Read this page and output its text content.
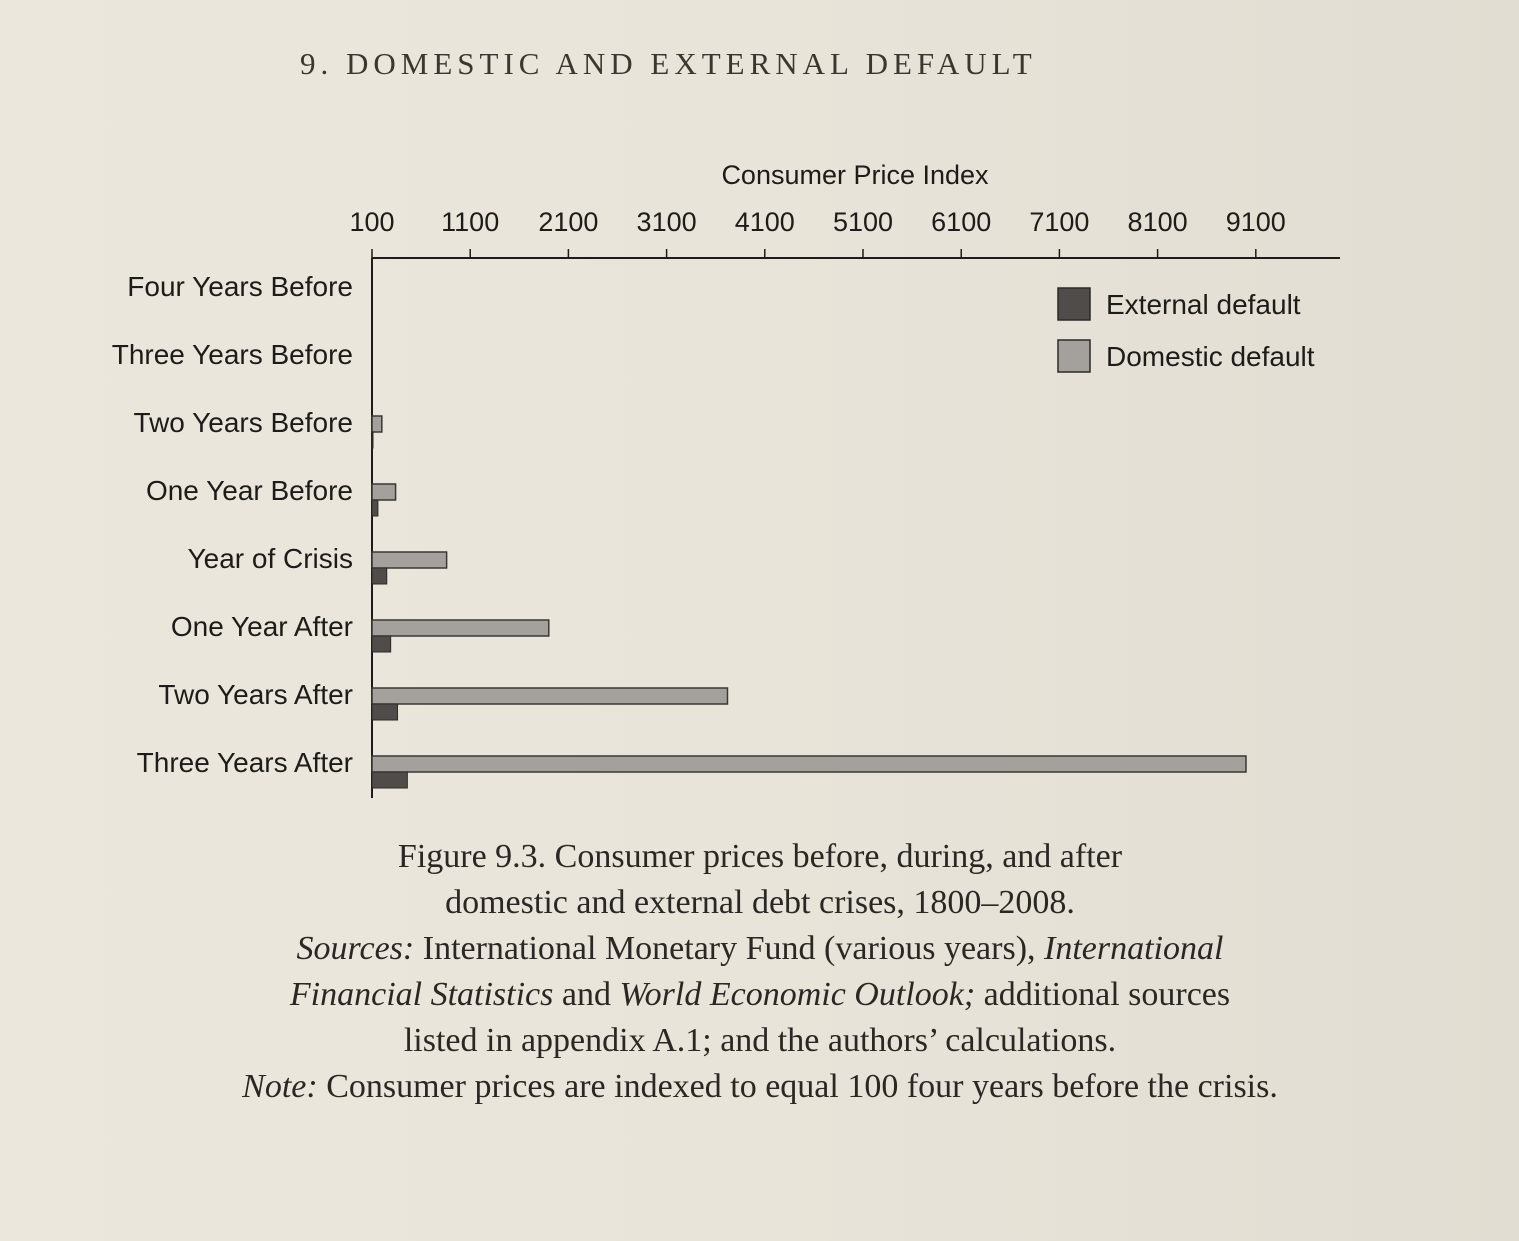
9. DOMESTIC AND EXTERNAL DEFAULT
Consumer Price Index
100 1100 2100 3100 4100 5100 6100 7100 8100 9100
Four Years Before
Three Years Before
Two Years Before
One Year Before
Year of Crisis
One Year After
Two Years After
Three Years After
External default
Domestic default
Figure 9.3. Consumer prices before, during, and after
domestic and external debt crises, 1800–2008.
Sources: International Monetary Fund (various years), International
Financial Statistics and World Economic Outlook; additional sources
listed in appendix A.1; and the authors’ calculations.
Note: Consumer prices are indexed to equal 100 four years before the crisis.
